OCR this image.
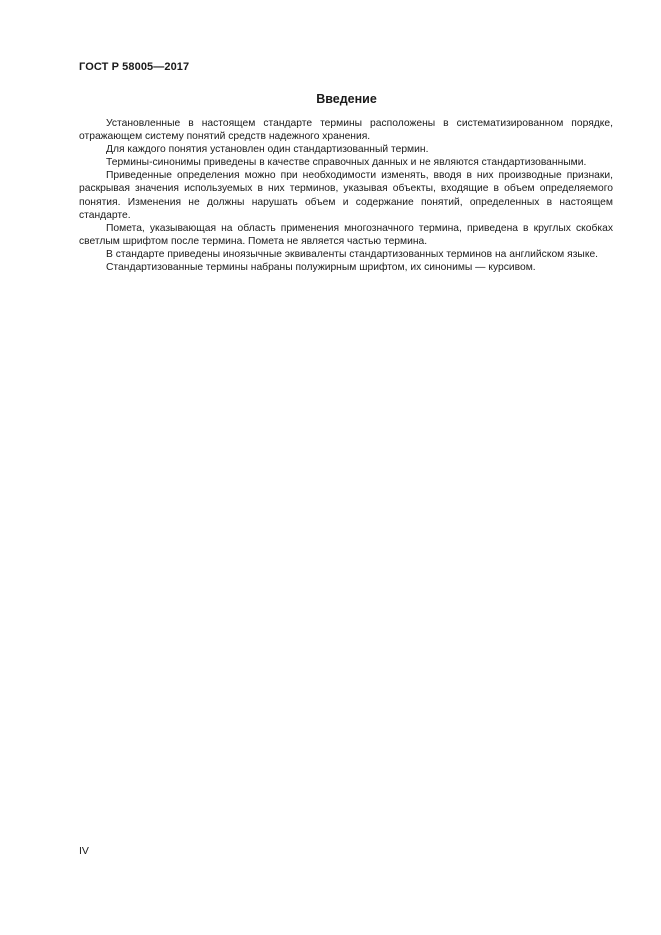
ГОСТ Р 58005—2017
Введение

Установленные в настоящем стандарте термины расположены в систематизированном порядке, отражающем систему понятий средств надежного хранения.

Для каждого понятия установлен один стандартизованный термин.

Термины-синонимы приведены в качестве справочных данных и не являются стандартизованными.

Приведенные определения можно при необходимости изменять, вводя в них производные признаки, раскрывая значения используемых в них терминов, указывая объекты, входящие в объем определяемого понятия. Изменения не должны нарушать объем и содержание понятий, определенных в настоящем стандарте.

Помета, указывающая на область применения многозначного термина, приведена в круглых скобках светлым шрифтом после термина. Помета не является частью термина.

В стандарте приведены иноязычные эквиваленты стандартизованных терминов на английском языке.

Стандартизованные термины набраны полужирным шрифтом, их синонимы — курсивом.

IV
